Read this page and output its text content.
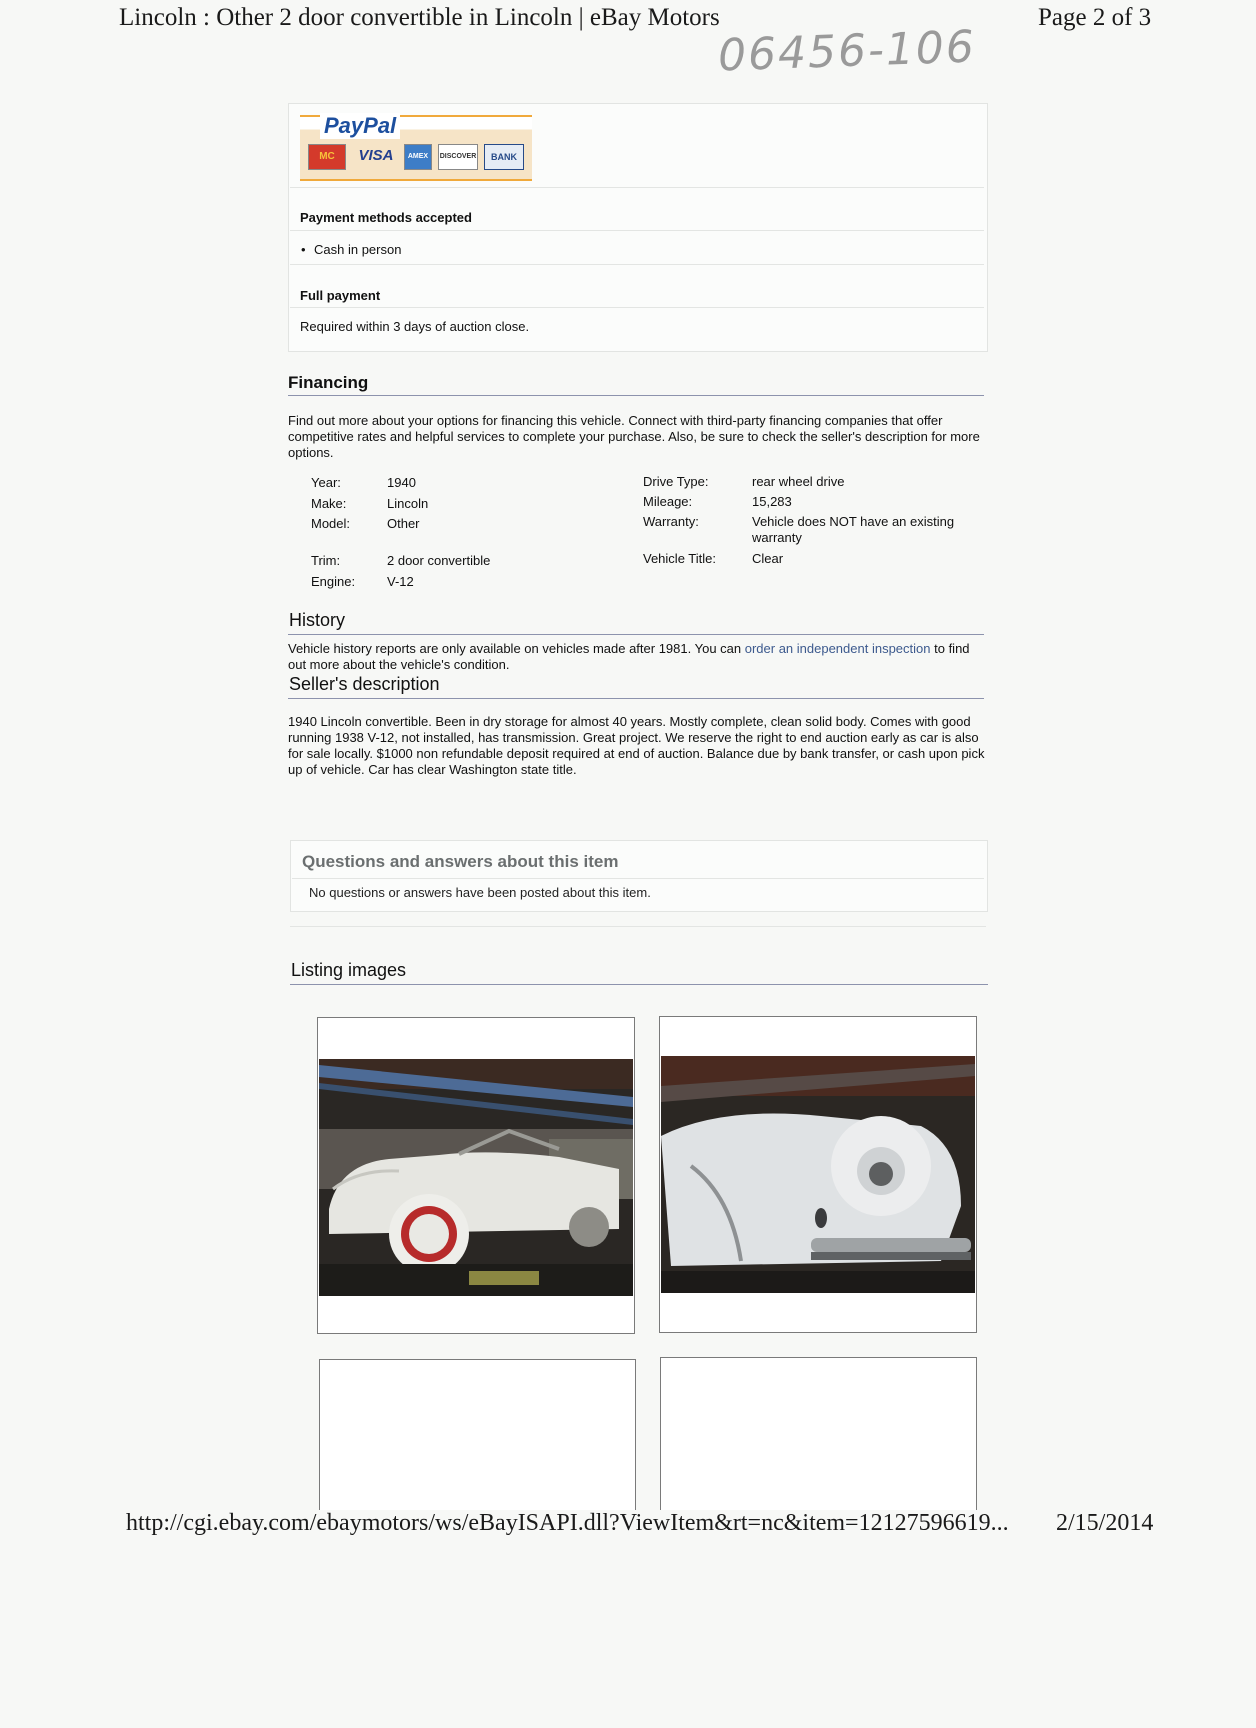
Lincoln : Other 2 door convertible in Lincoln | eBay Motors	Page 2 of 3
06456-106
PayPal
MC	VISA	AMEX	DISCOVER	BANK
Payment methods accepted
• Cash in person
Full payment
Required within 3 days of auction close.
Financing
Find out more about your options for financing this vehicle. Connect with third-party financing companies that offer competitive rates and helpful services to complete your purchase. Also, be sure to check the seller's description for more options.
Year:	1940
Make:	Lincoln
Model:	Other
Trim:	2 door convertible
Engine: V-12
Drive Type:	rear wheel drive
Mileage:	15,283
Warranty:	Vehicle does NOT have an existing warranty
Vehicle Title:	Clear
History
Vehicle history reports are only available on vehicles made after 1981. You can order an independent inspection to find out more about the vehicle's condition.
Seller's description
1940 Lincoln convertible. Been in dry storage for almost 40 years. Mostly complete, clean solid body. Comes with good running 1938 V-12, not installed, has transmission. Great project. We reserve the right to end auction early as car is also for sale locally. $1000 non refundable deposit required at end of auction. Balance due by bank transfer, or cash upon pick up of vehicle. Car has clear Washington state title.
Questions and answers about this item
No questions or answers have been posted about this item.
Listing images
http://cgi.ebay.com/ebaymotors/ws/eBayISAPI.dll?ViewItem&rt=nc&item=12127596619... 2/15/2014
